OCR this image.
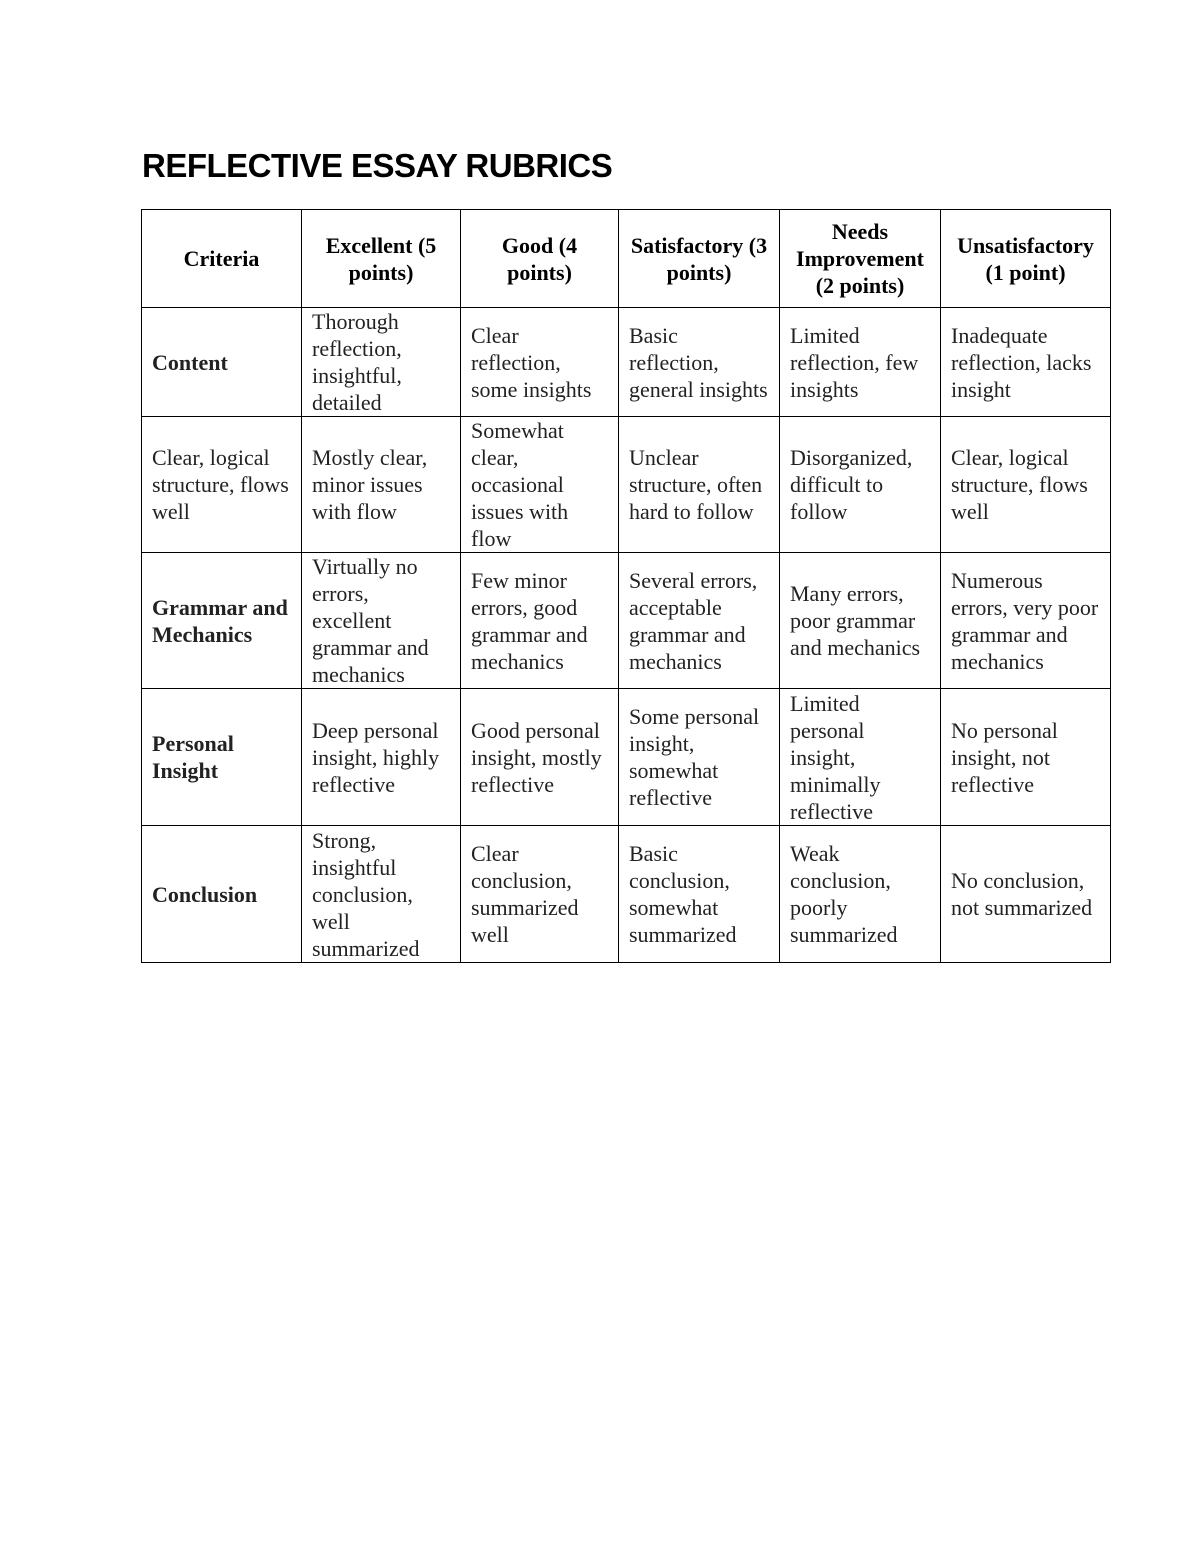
REFLECTIVE ESSAY RUBRICS
Criteria	Excellent (5 points)	Good (4 points)	Satisfactory (3 points)	Needs Improvement (2 points)	Unsatisfactory (1 point)
Content	Thorough reflection, insightful, detailed	Clear reflection, some insights	Basic reflection, general insights	Limited reflection, few insights	Inadequate reflection, lacks insight
Clear, logical structure, flows well	Mostly clear, minor issues with flow	Somewhat clear, occasional issues with flow	Unclear structure, often hard to follow	Disorganized, difficult to follow	Clear, logical structure, flows well
Grammar and Mechanics	Virtually no errors, excellent grammar and mechanics	Few minor errors, good grammar and mechanics	Several errors, acceptable grammar and mechanics	Many errors, poor grammar and mechanics	Numerous errors, very poor grammar and mechanics
Personal Insight	Deep personal insight, highly reflective	Good personal insight, mostly reflective	Some personal insight, somewhat reflective	Limited personal insight, minimally reflective	No personal insight, not reflective
Conclusion	Strong, insightful conclusion, well summarized	Clear conclusion, summarized well	Basic conclusion, somewhat summarized	Weak conclusion, poorly summarized	No conclusion, not summarized
